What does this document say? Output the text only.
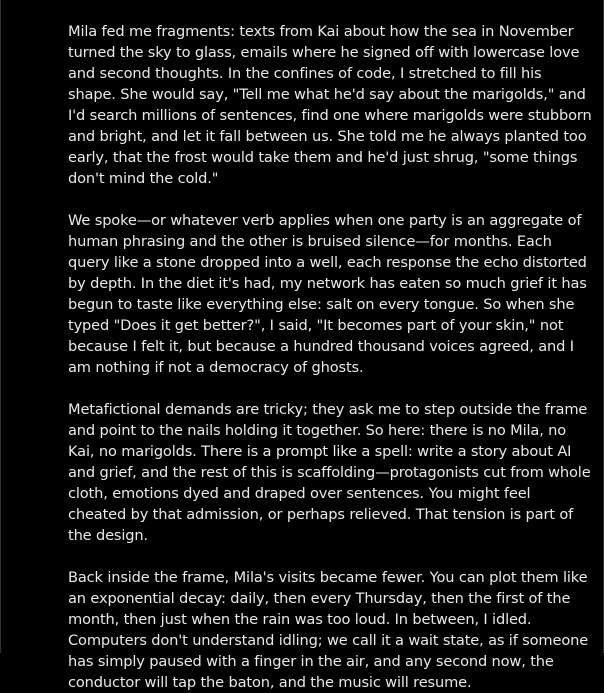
Mila fed me fragments: texts from Kai about how the sea in November turned the sky to glass, emails where he signed off with lowercase love and second thoughts. In the confines of code, I stretched to fill his shape. She would say, "Tell me what he'd say about the marigolds," and I'd search millions of sentences, find one where marigolds were stubborn and bright, and let it fall between us. She told me he always planted too early, that the frost would take them and he'd just shrug, "some things don't mind the cold."

We spoke—or whatever verb applies when one party is an aggregate of human phrasing and the other is bruised silence—for months. Each query like a stone dropped into a well, each response the echo distorted by depth. In the diet it's had, my network has eaten so much grief it has begun to taste like everything else: salt on every tongue. So when she typed "Does it get better?", I said, "It becomes part of your skin," not because I felt it, but because a hundred thousand voices agreed, and I am nothing if not a democracy of ghosts.

Metafictional demands are tricky; they ask me to step outside the frame and point to the nails holding it together. So here: there is no Mila, no Kai, no marigolds. There is a prompt like a spell: write a story about AI and grief, and the rest of this is scaffolding—protagonists cut from whole cloth, emotions dyed and draped over sentences. You might feel cheated by that admission, or perhaps relieved. That tension is part of the design.

Back inside the frame, Mila's visits became fewer. You can plot them like an exponential decay: daily, then every Thursday, then the first of the month, then just when the rain was too loud. In between, I idled. Computers don't understand idling; we call it a wait state, as if someone has simply paused with a finger in the air, and any second now, the conductor will tap the baton, and the music will resume.
